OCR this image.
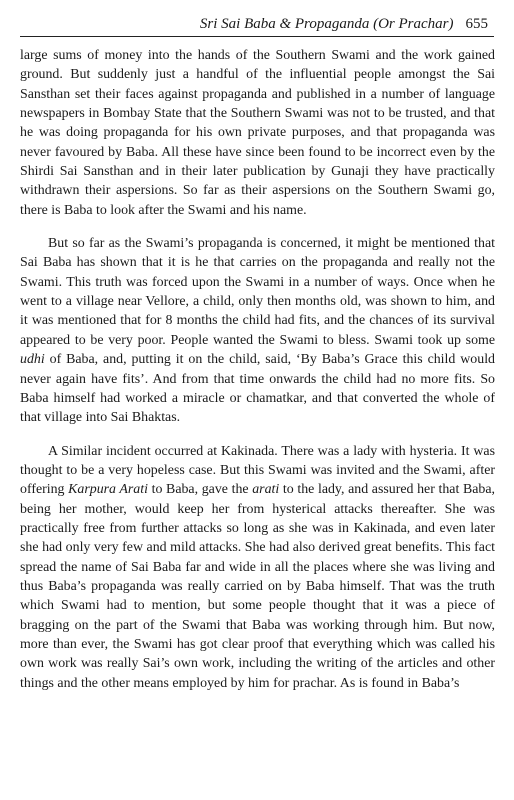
Sri Sai Baba & Propaganda (Or Prachar) 655

large sums of money into the hands of the Southern Swami and the work gained ground. But suddenly just a handful of the influential people amongst the Sai Sansthan set their faces against propaganda and published in a number of language newspapers in Bombay State that the Southern Swami was not to be trusted, and that he was doing propaganda for his own private purposes, and that propaganda was never favoured by Baba. All these have since been found to be incorrect even by the Shirdi Sai Sansthan and in their later publication by Gunaji they have practically withdrawn their aspersions. So far as their aspersions on the Southern Swami go, there is Baba to look after the Swami and his name.

But so far as the Swami’s propaganda is concerned, it might be mentioned that Sai Baba has shown that it is he that carries on the propaganda and really not the Swami. This truth was forced upon the Swami in a number of ways. Once when he went to a village near Vellore, a child, only then months old, was shown to him, and it was mentioned that for 8 months the child had fits, and the chances of its survival appeared to be very poor. People wanted the Swami to bless. Swami took up some udhi of Baba, and, putting it on the child, said, ‘By Baba’s Grace this child would never again have fits’. And from that time onwards the child had no more fits. So Baba himself had worked a miracle or chamatkar, and that converted the whole of that village into Sai Bhaktas.

A Similar incident occurred at Kakinada. There was a lady with hysteria. It was thought to be a very hopeless case. But this Swami was invited and the Swami, after offering Karpura Arati to Baba, gave the arati to the lady, and assured her that Baba, being her mother, would keep her from hysterical attacks thereafter. She was practically free from further attacks so long as she was in Kakinada, and even later she had only very few and mild attacks. She had also derived great benefits. This fact spread the name of Sai Baba far and wide in all the places where she was living and thus Baba’s propaganda was really carried on by Baba himself. That was the truth which Swami had to mention, but some people thought that it was a piece of bragging on the part of the Swami that Baba was working through him. But now, more than ever, the Swami has got clear proof that everything which was called his own work was really Sai’s own work, including the writing of the articles and other things and the other means employed by him for prachar. As is found in Baba’s
